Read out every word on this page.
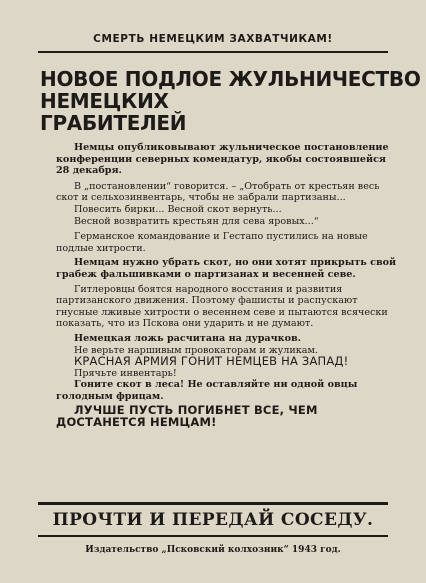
СМЕРТЬ НЕМЕЦКИМ ЗАХВАТЧИКАМ!
НОВОЕ ПОДЛОЕ ЖУЛЬНИЧЕСТВО
НЕМЕЦКИХ
ГРАБИТЕЛЕЙ

Немцы опубликовывают жульническое постановление конференции северных комендатур, якобы состоявшейся 28 декабря.

В „постановлении“ говорится. – „Отобрать от крестьян весь скот и сельхозинвентарь, чтобы не забрали партизаны...

Повесить бирки... Весной скот вернуть...

Весной возвратить крестьян для сева яровых...“

Германское командование и Гестапо пустились на новые подлые хитрости.

Немцам нужно убрать скот, но они хотят прикрыть свой грабеж фальшивками о партизанах и весенней севе.

Гитлеровцы боятся народного восстания и развития партизанского движения. Поэтому фашисты и распускают гнусные лживые хитрости о весеннем севе и пытаются всячески показать, что из Пскова они ударить и не думают.

Немецкая ложь расчитана на дурачков.

Не верьте наршивым провокаторам и жуликам.

КРАСНАЯ АРМИЯ ГОНИТ НЕМЦЕВ НА ЗАПАД!

Прячьте инвентарь!

Гоните скот в леса! Не оставляйте ни одной овцы голодным фрицам.

ЛУЧШЕ ПУСТЬ ПОГИБНЕТ ВСЕ, ЧЕМ ДОСТАНЕТСЯ НЕМЦАМ!

ПРОЧТИ И ПЕРЕДАЙ СОСЕДУ.
Издательство „Псковский колхозник“ 1943 год.
